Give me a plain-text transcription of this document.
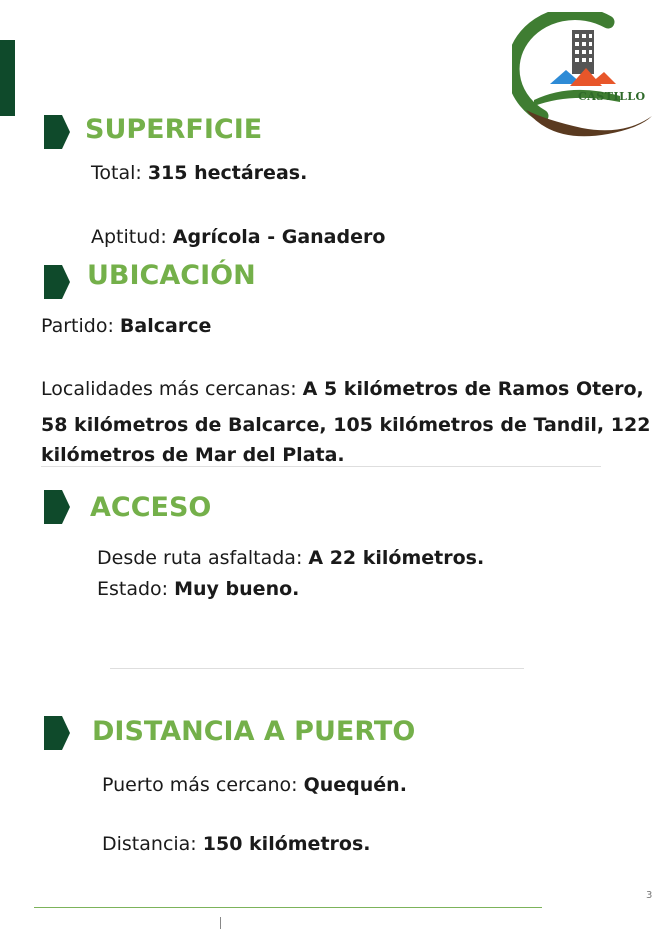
CASTILLO
SUPERFICIE
Total: 315 hectáreas.
Aptitud: Agrícola - Ganadero
UBICACIÓN
Partido: Balcarce
Localidades más cercanas: A 5 kilómetros de Ramos Otero,
58 kilómetros de Balcarce, 105 kilómetros de Tandil, 122
kilómetros de Mar del Plata.
ACCESO
Desde ruta asfaltada: A 22 kilómetros.
Estado: Muy bueno.
DISTANCIA A PUERTO
Puerto más cercano: Quequén.
Distancia: 150 kilómetros.
3
